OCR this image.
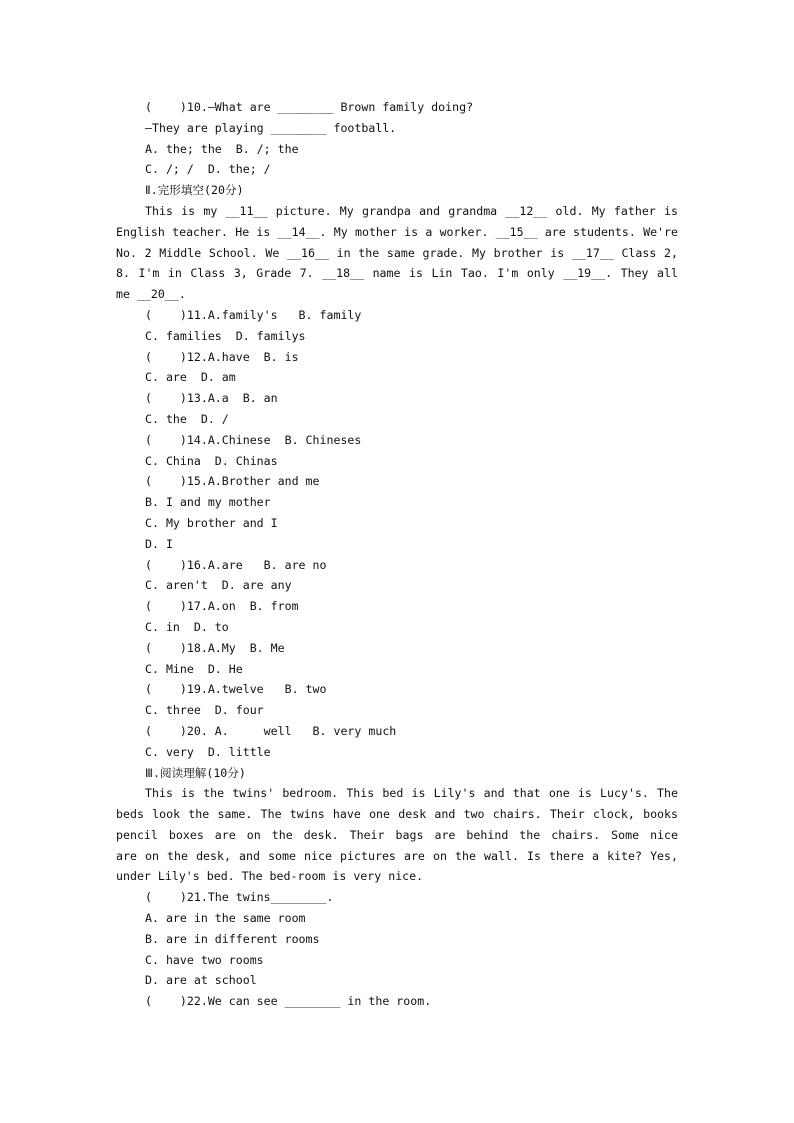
(    )10.—What are ________ Brown family doing?
—They are playing ________ football.
A. the; the  B. /; the
C. /; /  D. the; /
Ⅱ.完形填空(20分)
This is my __11__ picture. My grandpa and grandma __12__ old. My father is
English teacher. He is __14__. My mother is a worker. __15__ are students. We're
No. 2 Middle School. We __16__ in the same grade. My brother is __17__ Class 2,
8. I'm in Class 3, Grade 7. __18__ name is Lin Tao. I'm only __19__. They all
me __20__.
(    )11.A.family's   B. family
C. families  D. familys
(    )12.A.have  B. is
C. are  D. am
(    )13.A.a  B. an
C. the  D. /
(    )14.A.Chinese  B. Chineses
C. China  D. Chinas
(    )15.A.Brother and me
B. I and my mother
C. My brother and I
D. I
(    )16.A.are   B. are no
C. aren't  D. are any
(    )17.A.on  B. from
C. in  D. to
(    )18.A.My  B. Me
C. Mine  D. He
(    )19.A.twelve   B. two
C. three  D. four
(    )20. A.     well   B. very much
C. very  D. little
Ⅲ.阅读理解(10分)
This is the twins' bedroom. This bed is Lily's and that one is Lucy's. The
beds look the same. The twins have one desk and two chairs. Their clock, books
pencil boxes are on the desk. Their bags are behind the chairs. Some nice
are on the desk, and some nice pictures are on the wall. Is there a kite? Yes,
under Lily's bed. The bed-room is very nice.
(    )21.The twins________.
A. are in the same room
B. are in different rooms
C. have two rooms
D. are at school
(    )22.We can see ________ in the room.
